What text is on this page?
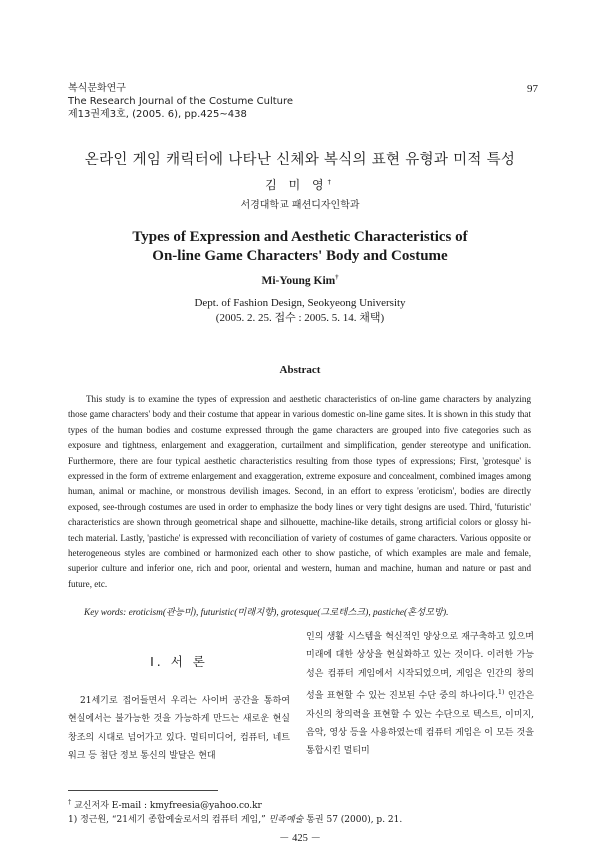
복식문화연구
The Research Journal of the Costume Culture
제13권제3호, (2005. 6), pp.425~438
97
온라인 게임 캐릭터에 나타난 신체와 복식의 표현 유형과 미적 특성
김 미 영†
서경대학교 패션디자인학과
Types of Expression and Aesthetic Characteristics of
On-line Game Characters' Body and Costume
Mi-Young Kim†
Dept. of Fashion Design, Seokyeong University
(2005. 2. 25. 접수 : 2005. 5. 14. 채택)
Abstract

This study is to examine the types of expression and aesthetic characteristics of on-line game characters by analyzing those game characters' body and their costume that appear in various domestic on-line game sites. It is shown in this study that types of the human bodies and costume expressed through the game characters are grouped into five categories such as exposure and tightness, enlargement and exaggeration, curtailment and simplification, gender stereotype and unification. Furthermore, there are four typical aesthetic characteristics resulting from those types of expressions; First, 'grotesque' is expressed in the form of extreme enlargement and exaggeration, extreme exposure and concealment, combined images among human, animal or machine, or monstrous devilish images. Second, in an effort to express 'eroticism', bodies are directly exposed, see-through costumes are used in order to emphasize the body lines or very tight designs are used. Third, 'futuristic' characteristics are shown through geometrical shape and silhouette, machine-like details, strong artificial colors or glossy hi-tech material. Lastly, 'pastiche' is expressed with reconciliation of variety of costumes of game characters. Various opposite or heterogeneous styles are combined or harmonized each other to show pastiche, of which examples are male and female, superior culture and inferior one, rich and poor, oriental and western, human and machine, human and nature or past and future, etc.

Key words: eroticism(관능미), futuristic(미래지향), grotesque(그로테스크), pastiche(혼성모방).
Ⅰ. 서 론

21세기로 접어들면서 우리는 사이버 공간을 통하여 현실에서는 불가능한 것을 가능하게 만드는 새로운 현실 창조의 시대로 넘어가고 있다. 멀티미디어, 컴퓨터, 네트워크 등 첨단 정보 통신의 발달은 현대

인의 생활 시스템을 혁신적인 양상으로 재구축하고 있으며 미래에 대한 상상을 현실화하고 있는 것이다. 이러한 가능성은 컴퓨터 게임에서 시작되었으며, 게임은 인간의 창의성을 표현할 수 있는 진보된 수단 중의 하나이다.$^{1)}$ 인간은 자신의 창의력을 표현할 수 있는 수단으로 텍스트, 이미지, 음악, 영상 등을 사용하였는데 컴퓨터 게임은 이 모든 것을 통합시킨 멀티미

† 교신저자 E-mail : kmyfreesia@yahoo.co.kr
1) 정근원, “21세기 종합예술로서의 컴퓨터 게임,” 민족예술 통권 57 (2000), p. 21.
－ 425 －
